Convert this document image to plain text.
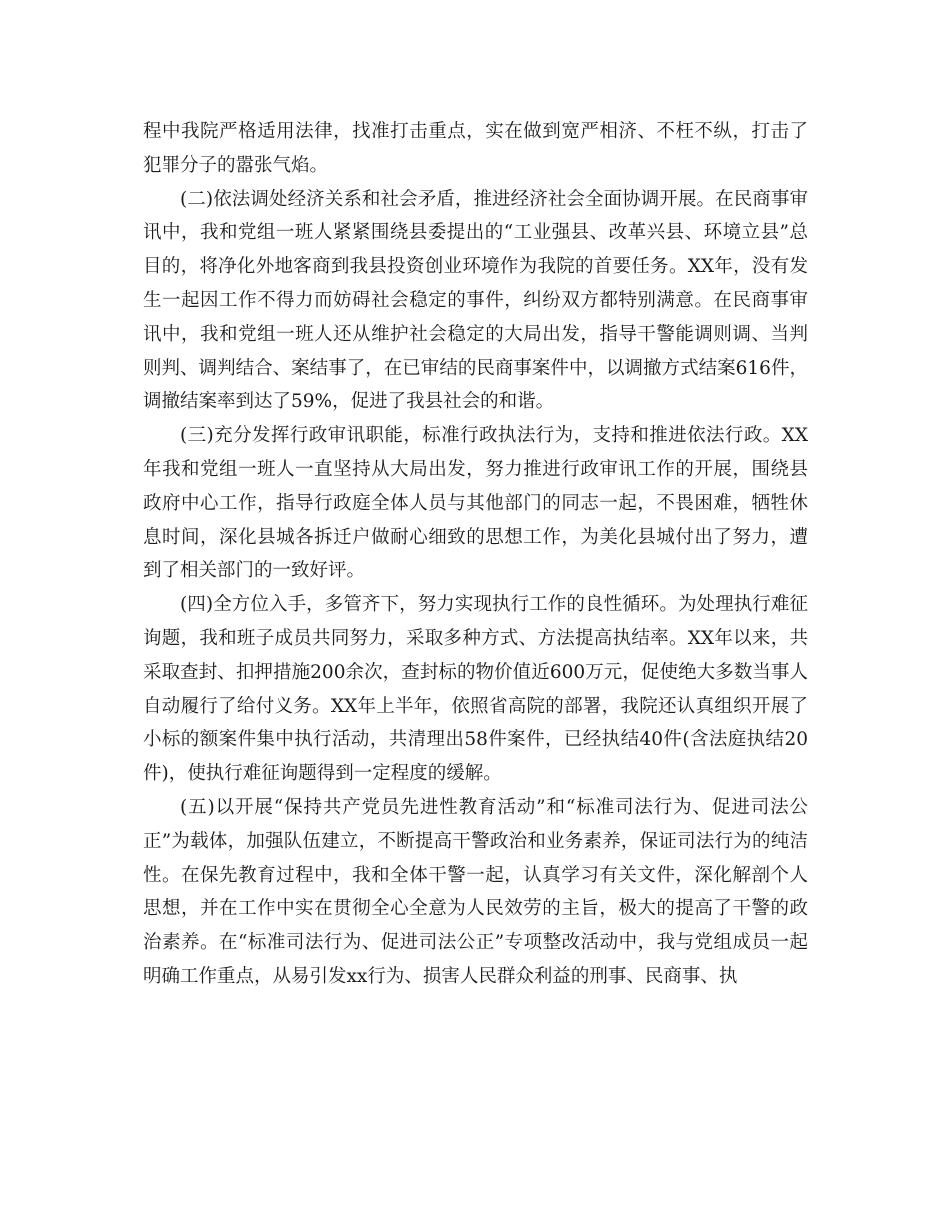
程中我院严格适用法律，找准打击重点，实在做到宽严相济、不枉不纵，打击了犯罪分子的嚣张气焰。

(二)依法调处经济关系和社会矛盾，推进经济社会全面协调开展。在民商事审讯中，我和党组一班人紧紧围绕县委提出的“工业强县、改革兴县、环境立县”总目的，将净化外地客商到我县投资创业环境作为我院的首要任务。XX年，没有发生一起因工作不得力而妨碍社会稳定的事件，纠纷双方都特别满意。在民商事审讯中，我和党组一班人还从维护社会稳定的大局出发，指导干警能调则调、当判则判、调判结合、案结事了，在已审结的民商事案件中，以调撤方式结案616件，调撤结案率到达了59%，促进了我县社会的和谐。

(三)充分发挥行政审讯职能，标准行政执法行为，支持和推进依法行政。XX年我和党组一班人一直坚持从大局出发，努力推进行政审讯工作的开展，围绕县政府中心工作，指导行政庭全体人员与其他部门的同志一起，不畏困难，牺牲休息时间，深化县城各拆迁户做耐心细致的思想工作，为美化县城付出了努力，遭到了相关部门的一致好评。

(四)全方位入手，多管齐下，努力实现执行工作的良性循环。为处理执行难征询题，我和班子成员共同努力，采取多种方式、方法提高执结率。XX年以来，共采取查封、扣押措施200余次，查封标的物价值近600万元，促使绝大多数当事人自动履行了给付义务。XX年上半年，依照省高院的部署，我院还认真组织开展了小标的额案件集中执行活动，共清理出58件案件，已经执结40件(含法庭执结20件)，使执行难征询题得到一定程度的缓解。

(五)以开展“保持共产党员先进性教育活动”和“标准司法行为、促进司法公正”为载体，加强队伍建立，不断提高干警政治和业务素养，保证司法行为的纯洁性。在保先教育过程中，我和全体干警一起，认真学习有关文件，深化解剖个人思想，并在工作中实在贯彻全心全意为人民效劳的主旨，极大的提高了干警的政治素养。在“标准司法行为、促进司法公正”专项整改活动中，我与党组成员一起明确工作重点，从易引发xx行为、损害人民群众利益的刑事、民商事、执
